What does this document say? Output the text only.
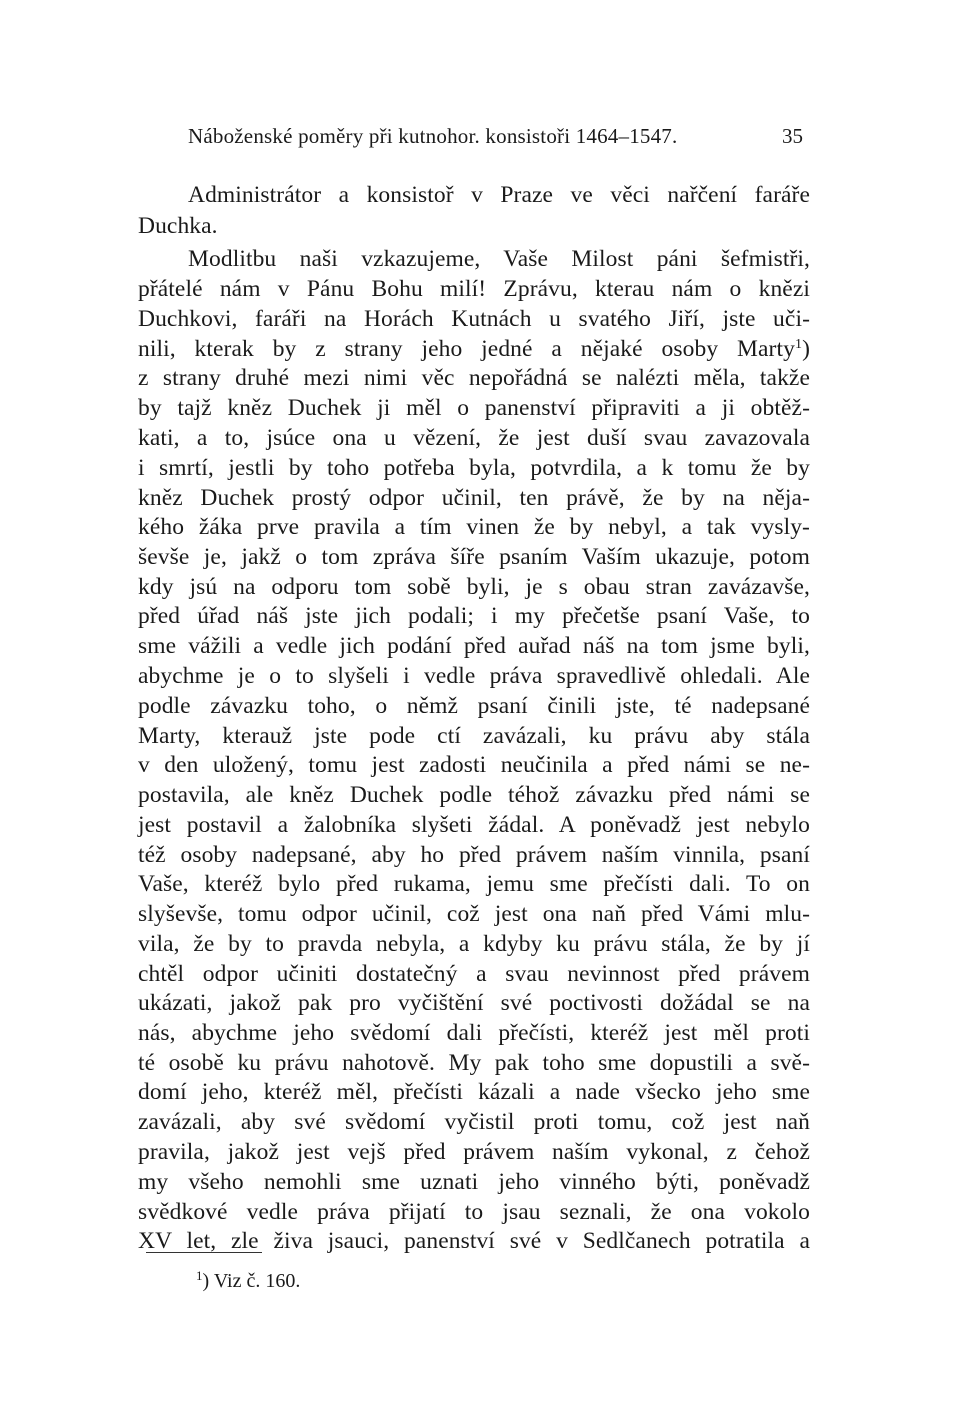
Náboženské poměry při kutnohor. konsistoři 1464–1547.	35
Administrátor a konsistoř v Praze ve věci nařčení faráře
Duchka.
Modlitbu naši vzkazujeme, Vaše Milost páni šefmistři,
přátelé nám v Pánu Bohu milí! Zprávu, kterau nám o knězi
Duchkovi, faráři na Horách Kutnách u svatého Jiří, jste uči-
nili, kterak by z strany jeho jedné a nějaké osoby Marty$^1$)
z strany druhé mezi nimi věc nepořádná se nalézti měla, takže
by tajž kněz Duchek ji měl o panenství připraviti a ji obtěž-
kati, a to, jsúce ona u vězení, že jest duší svau zavazovala
i smrtí, jestli by toho potřeba byla, potvrdila, a k tomu že by
kněz Duchek prostý odpor učinil, ten právě, že by na něja-
kého žáka prve pravila a tím vinen že by nebyl, a tak vysly-
ševše je, jakž o tom zpráva šíře psaním Vaším ukazuje, potom
kdy jsú na odporu tom sobě byli, je s obau stran zavázavše,
před úřad náš jste jich podali; i my přečetše psaní Vaše, to
sme vážili a vedle jich podání před auřad náš na tom jsme byli,
abychme je o to slyšeli i vedle práva spravedlivě ohledali. Ale
podle závazku toho, o němž psaní činili jste, té nadepsané
Marty, kterauž jste pode ctí zavázali, ku právu aby stála
v den uložený, tomu jest zadosti neučinila a před námi se ne-
postavila, ale kněz Duchek podle téhož závazku před námi se
jest postavil a žalobníka slyšeti žádal. A poněvadž jest nebylo
též osoby nadepsané, aby ho před právem naším vinnila, psaní
Vaše, kteréž bylo před rukama, jemu sme přečísti dali. To on
slyševše, tomu odpor učinil, což jest ona naň před Vámi mlu-
vila, že by to pravda nebyla, a kdyby ku právu stála, že by jí
chtěl odpor učiniti dostatečný a svau nevinnost před právem
ukázati, jakož pak pro vyčištění své poctivosti dožádal se na
nás, abychme jeho svědomí dali přečísti, kteréž jest měl proti
té osobě ku právu nahotově. My pak toho sme dopustili a svě-
domí jeho, kteréž měl, přečísti kázali a nade všecko jeho sme
zavázali, aby své svědomí vyčistil proti tomu, což jest naň
pravila, jakož jest vejš před právem naším vykonal, z čehož
my všeho nemohli sme uznati jeho vinného býti, poněvadž
svědkové vedle práva přijatí to jsau seznali, že ona vokolo
XV let, zle živa jsauci, panenství své v Sedlčanech potratila a
$^1$) Viz č. 160.
